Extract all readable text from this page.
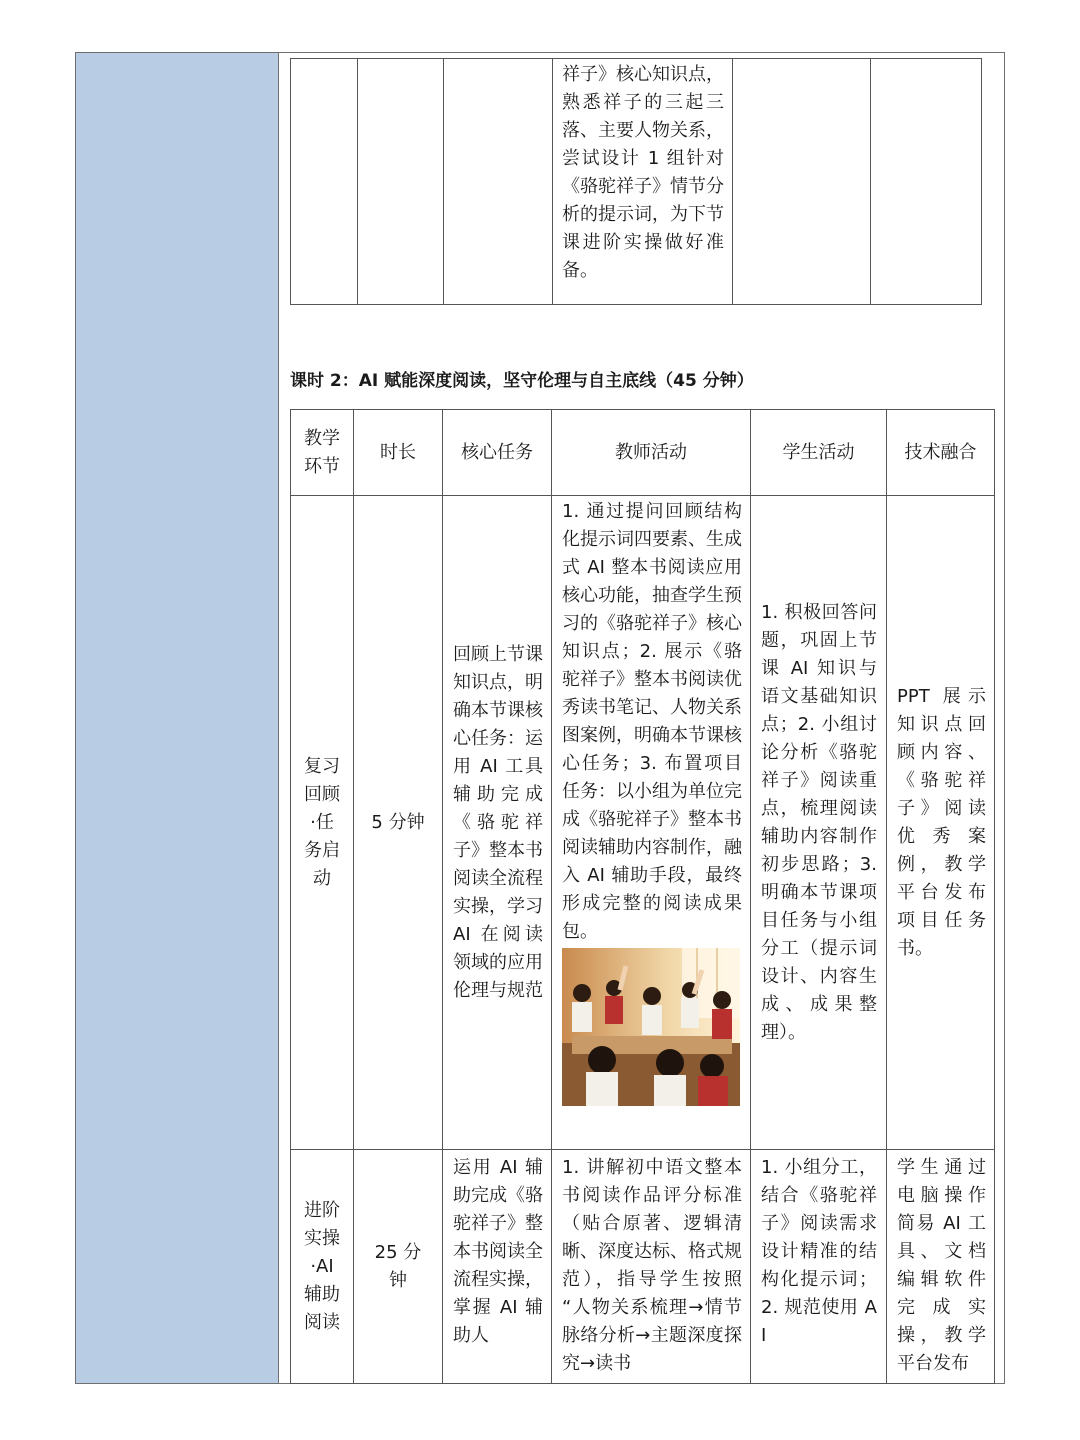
祥子》核心知识点，熟悉祥子的三起三落、主要人物关系，尝试设计 1 组针对《骆驼祥子》情节分析的提示词，为下节课进阶实操做好准备。

课时 2：AI 赋能深度阅读，坚守伦理与自主底线（45 分钟）
教学环节	时长	核心任务	教师活动	学生活动	技术融合
复习回顾·任务启动	5 分钟	回顾上节课知识点，明确本节课核心任务：运用 AI 工具辅助完成《骆驼祥子》整本书阅读全流程实操，学习 AI 在阅读领域的应用伦理与规范	1. 通过提问回顾结构化提示词四要素、生成式 AI 整本书阅读应用核心功能，抽查学生预习的《骆驼祥子》核心知识点；2. 展示《骆驼祥子》整本书阅读优秀读书笔记、人物关系图案例，明确本节课核心任务；3. 布置项目任务：以小组为单位完成《骆驼祥子》整本书阅读辅助内容制作，融入 AI 辅助手段，最终形成完整的阅读成果包。	1. 积极回答问题，巩固上节课 AI 知识与语文基础知识点；2. 小组讨论分析《骆驼祥子》阅读重点，梳理阅读辅助内容制作初步思路；3. 明确本节课项目任务与小组分工（提示词设计、内容生成、成果整理）。	PPT 展示知识点回顾内容、《骆驼祥子》阅读优秀案例，教学平台发布项目任务书。

进阶实操·AI 辅助阅读	25 分钟	运用 AI 辅助完成《骆驼祥子》整本书阅读全流程实操，掌握 AI 辅助人	1. 讲解初中语文整本书阅读作品评分标准（贴合原著、逻辑清晰、深度达标、格式规范），指导学生按照 “人物关系梳理→情节脉络分析→主题深度探究→读书	1. 小组分工，结合《骆驼祥子》阅读需求设计精准的结构化提示词；2. 规范使用 AI	学生通过电脑操作简易 AI 工具、文档编辑软件完成实操，教学平台发布
